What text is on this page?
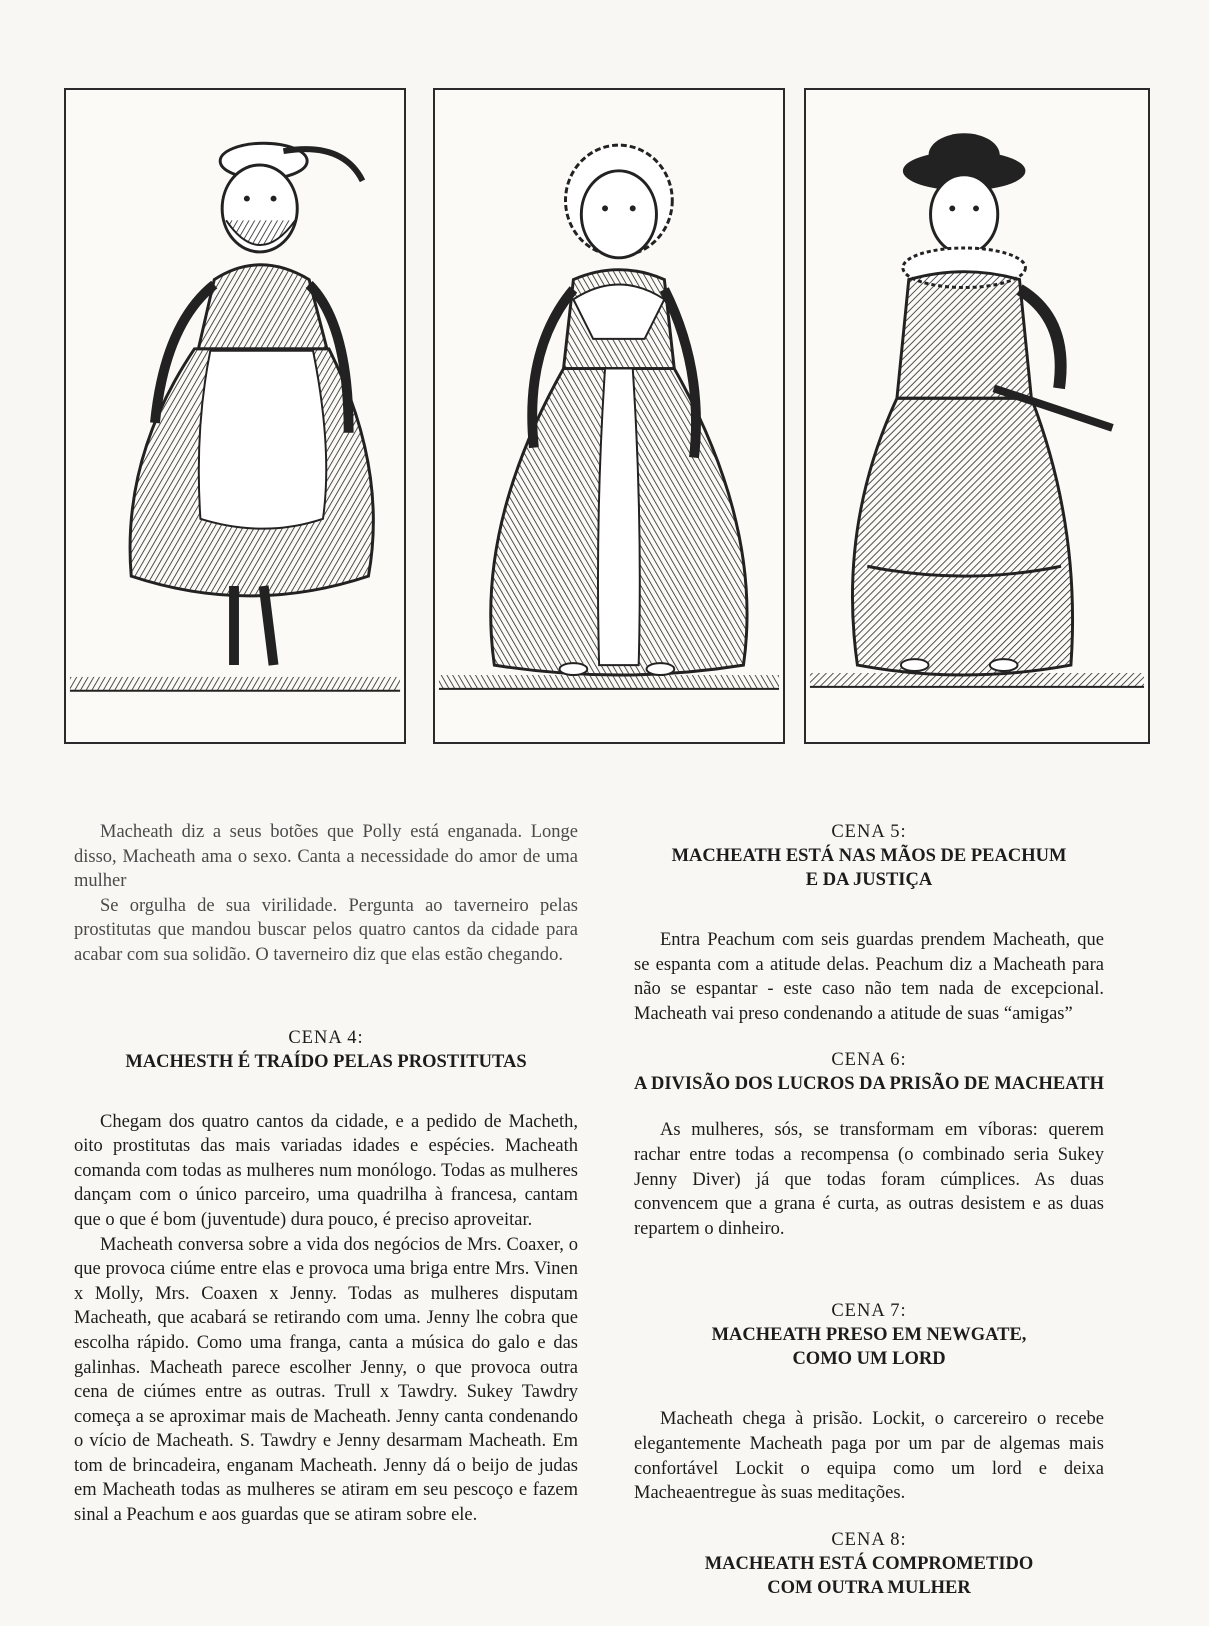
Macheath diz a seus botões que Polly está enganada. Longe disso, Macheath ama o sexo. Canta a necessidade do amor de uma mulher

Se orgulha de sua virilidade. Pergunta ao taverneiro pelas prostitutas que mandou buscar pelos quatro cantos da cidade para acabar com sua solidão. O taverneiro diz que elas estão chegando.

CENA 4:
MACHESTH É TRAÍDO PELAS PROSTITUTAS

Chegam dos quatro cantos da cidade, e a pedido de Macheth, oito prostitutas das mais variadas idades e espécies. Macheath comanda com todas as mulheres num monólogo. Todas as mulheres dançam com o único parceiro, uma quadrilha à francesa, cantam que o que é bom (juventude) dura pouco, é preciso aproveitar.

Macheath conversa sobre a vida dos negócios de Mrs. Coaxer, o que provoca ciúme entre elas e provoca uma briga entre Mrs. Vinen x Molly, Mrs. Coaxen x Jenny. Todas as mulheres disputam Macheath, que acabará se retirando com uma. Jenny lhe cobra que escolha rápido. Como uma franga, canta a música do galo e das galinhas. Macheath parece escolher Jenny, o que provoca outra cena de ciúmes entre as outras. Trull x Tawdry. Sukey Tawdry começa a se aproximar mais de Macheath. Jenny canta condenando o vício de Macheath. S. Tawdry e Jenny desarmam Macheath. Em tom de brincadeira, enganam Macheath. Jenny dá o beijo de judas em Macheath todas as mulheres se atiram em seu pescoço e fazem sinal a Peachum e aos guardas que se atiram sobre ele.

CENA 5:
MACHEATH ESTÁ NAS MÃOS DE PEACHUM
E DA JUSTIÇA

Entra Peachum com seis guardas prendem Macheath, que se espanta com a atitude delas. Peachum diz a Macheath para não se espantar - este caso não tem nada de excepcional. Macheath vai preso condenando a atitude de suas “amigas”

CENA 6:
A DIVISÃO DOS LUCROS DA PRISÃO DE MACHEATH

As mulheres, sós, se transformam em víboras: querem rachar entre todas a recompensa (o combinado seria Sukey Jenny Diver) já que todas foram cúmplices. As duas convencem que a grana é curta, as outras desistem e as duas repartem o dinheiro.

CENA 7:
MACHEATH PRESO EM NEWGATE,
COMO UM LORD

Macheath chega à prisão. Lockit, o carcereiro o recebe elegantemente Macheath paga por um par de algemas mais confortável Lockit o equipa como um lord e deixa Macheaentregue às suas meditações.

CENA 8:
MACHEATH ESTÁ COMPROMETIDO
COM OUTRA MULHER
